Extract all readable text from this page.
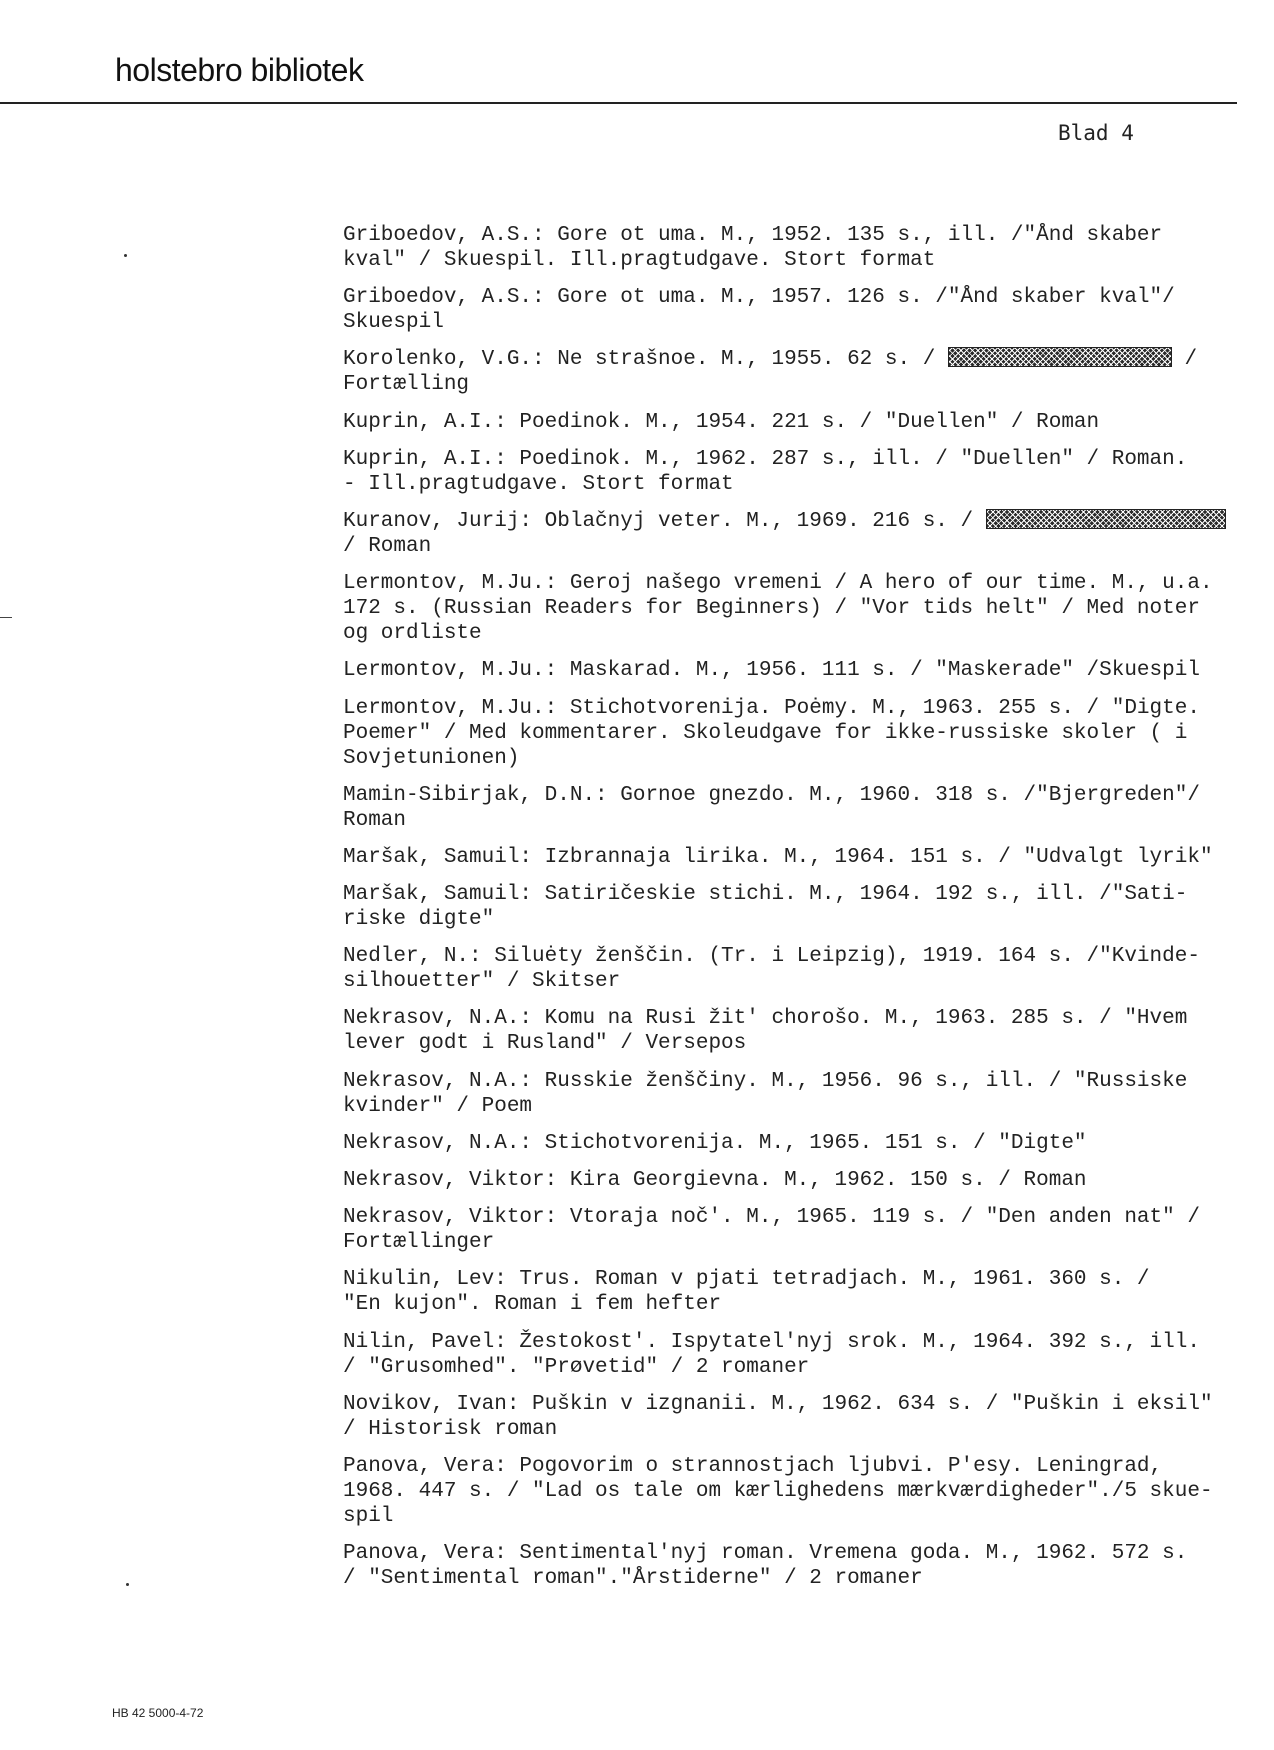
holstebro bibliotek
Blad 4
Griboedov, A.S.: Gore ot uma. M., 1952. 135 s., ill. /"Ånd skaber
kval" / Skuespil. Ill.pragtudgave. Stort format
Griboedov, A.S.: Gore ot uma. M., 1957. 126 s. /"Ånd skaber kval"/
Skuespil
Korolenko, V.G.: Ne strašnoe. M., 1955. 62 s. /	/
Fortælling
Kuprin, A.I.: Poedinok. M., 1954. 221 s. / "Duellen" / Roman
Kuprin, A.I.: Poedinok. M., 1962. 287 s., ill. / "Duellen" / Roman.
- Ill.pragtudgave. Stort format
Kuranov, Jurij: Oblačnyj veter. M., 1969. 216 s. /
/ Roman
Lermontov, M.Ju.: Geroj našego vremeni / A hero of our time. M., u.a.
172 s. (Russian Readers for Beginners) / "Vor tids helt" / Med noter
og ordliste
Lermontov, M.Ju.: Maskarad. M., 1956. 111 s. / "Maskerade" /Skuespil
Lermontov, M.Ju.: Stichotvorenija. Poėmy. M., 1963. 255 s. / "Digte.
Poemer" / Med kommentarer. Skoleudgave for ikke-russiske skoler ( i
Sovjetunionen)
Mamin-Sibirjak, D.N.: Gornoe gnezdo. M., 1960. 318 s. /"Bjergreden"/
Roman
Maršak, Samuil: Izbrannaja lirika. M., 1964. 151 s. / "Udvalgt lyrik"
Maršak, Samuil: Satiričeskie stichi. M., 1964. 192 s., ill. /"Sati-
riske digte"
Nedler, N.: Siluėty ženščin. (Tr. i Leipzig), 1919. 164 s. /"Kvinde-
silhouetter" / Skitser
Nekrasov, N.A.: Komu na Rusi žit' chorošo. M., 1963. 285 s. / "Hvem
lever godt i Rusland" / Versepos
Nekrasov, N.A.: Russkie ženščiny. M., 1956. 96 s., ill. / "Russiske
kvinder" / Poem
Nekrasov, N.A.: Stichotvorenija. M., 1965. 151 s. / "Digte"
Nekrasov, Viktor: Kira Georgievna. M., 1962. 150 s. / Roman
Nekrasov, Viktor: Vtoraja noč'. M., 1965. 119 s. / "Den anden nat" /
Fortællinger
Nikulin, Lev: Trus. Roman v pjati tetradjach. M., 1961. 360 s. /
"En kujon". Roman i fem hefter
Nilin, Pavel: Žestokost'. Ispytatel'nyj srok. M., 1964. 392 s., ill.
/ "Grusomhed". "Prøvetid" / 2 romaner
Novikov, Ivan: Puškin v izgnanii. M., 1962. 634 s. / "Puškin i eksil"
/ Historisk roman
Panova, Vera: Pogovorim o strannostjach ljubvi. P'esy. Leningrad,
1968. 447 s. / "Lad os tale om kærlighedens mærkværdigheder"./5 skue-
spil
Panova, Vera: Sentimental'nyj roman. Vremena goda. M., 1962. 572 s.
/ "Sentimental roman"."Årstiderne" / 2 romaner
HB 42 5000-4-72
